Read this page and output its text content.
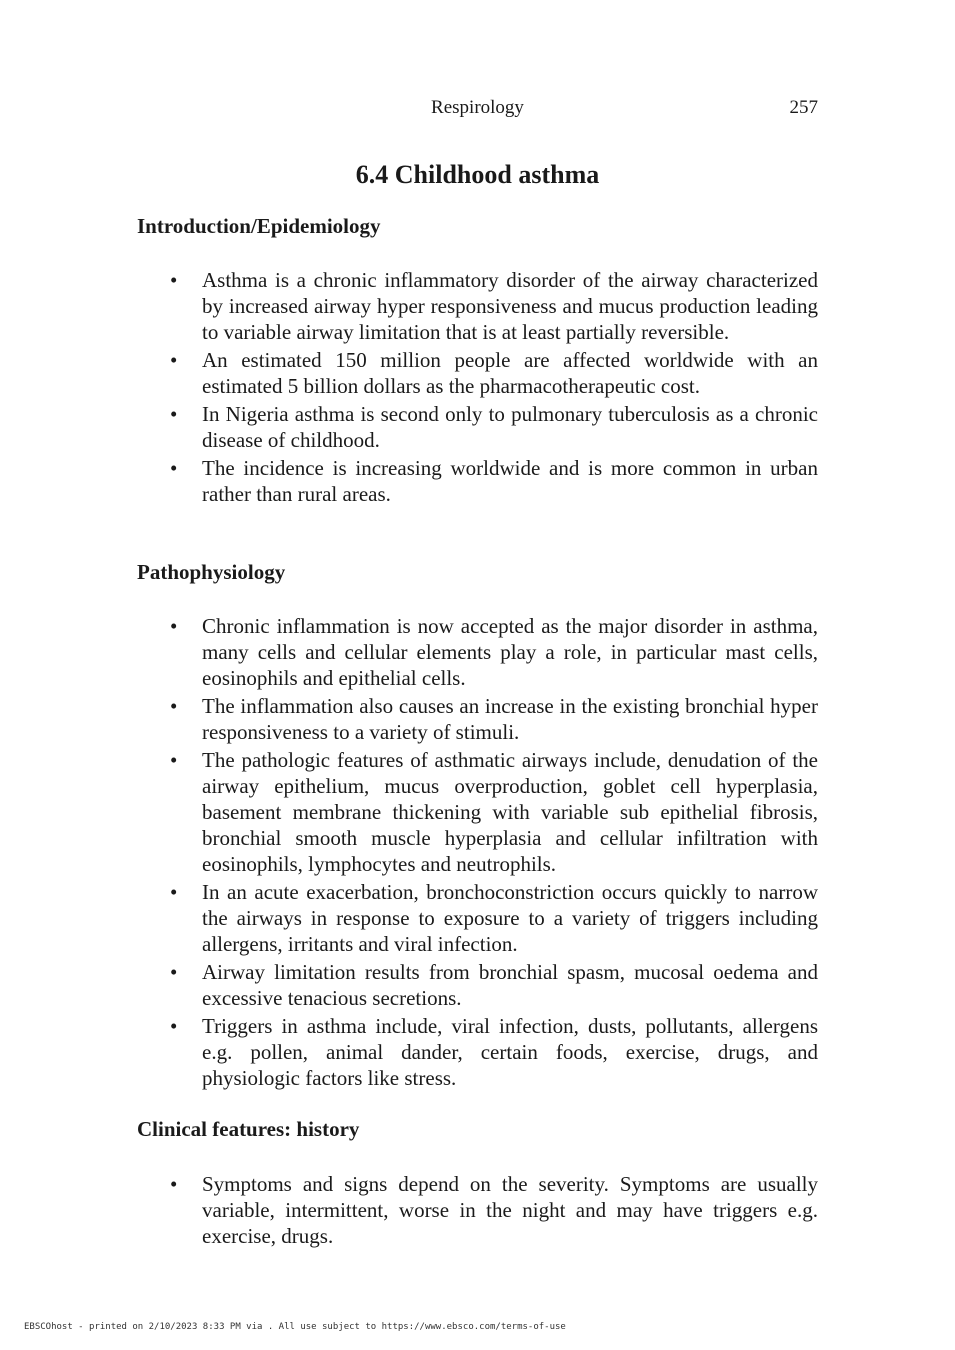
Respirology	257
6.4 Childhood asthma
Introduction/Epidemiology
• Asthma is a chronic inflammatory disorder of the airway characterized by increased airway hyper responsiveness and mucus production leading to variable airway limitation that is at least partially reversible.
• An estimated 150 million people are affected worldwide with an estimated 5 billion dollars as the pharmacotherapeutic cost.
• In Nigeria asthma is second only to pulmonary tuberculosis as a chronic disease of childhood.
• The incidence is increasing worldwide and is more common in urban rather than rural areas.
Pathophysiology
• Chronic inflammation is now accepted as the major disorder in asthma, many cells and cellular elements play a role, in particular mast cells, eosinophils and epithelial cells.
• The inflammation also causes an increase in the existing bronchial hyper responsiveness to a variety of stimuli.
• The pathologic features of asthmatic airways include, denudation of the airway epithelium, mucus overproduction, goblet cell hyperplasia, basement membrane thickening with variable sub epithelial fibrosis, bronchial smooth muscle hyperplasia and cellular infiltration with eosinophils, lymphocytes and neutrophils.
• In an acute exacerbation, bronchoconstriction occurs quickly to narrow the airways in response to exposure to a variety of triggers including allergens, irritants and viral infection.
• Airway limitation results from bronchial spasm, mucosal oedema and excessive tenacious secretions.
• Triggers in asthma include, viral infection, dusts, pollutants, allergens e.g. pollen, animal dander, certain foods, exercise, drugs, and physiologic factors like stress.
Clinical features: history
• Symptoms and signs depend on the severity. Symptoms are usually variable, intermittent, worse in the night and may have triggers e.g. exercise, drugs.
EBSCOhost - printed on 2/10/2023 8:33 PM via . All use subject to https://www.ebsco.com/terms-of-use
